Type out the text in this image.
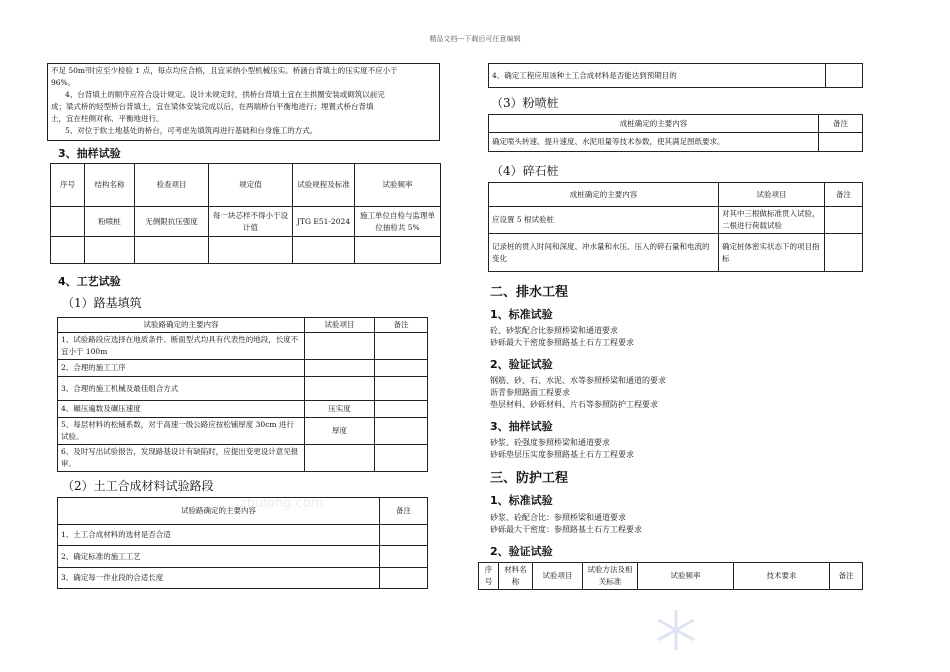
精品文档---下载后可任意编辑
zhulong.com
不足 50m²时应至少检验 1 点，每点均应合格，且宜采纳小型机械压实。桥涵台背填土的压实度不应小于
96%。
4、台背填土的顺序应符合设计规定。设计未规定时，拱桥台背填土宜在主拱圈安装或砌筑以前完
成；梁式桥的轻型桥台背填土，宜在梁体安装完成以后，在两端桥台平衡地进行；埋置式桥台背填
土，宜在柱侧对称、平衡地进行。
5、对位于软土地基处的桥台，可考虑先填筑再进行基础和台身施工的方式。
3、抽样试验
序号	结构名称	检查项目	规定值	试验规程及标准	试验频率
	粉喷桩	无侧限抗压强度	每一块芯样不得小于设计值	JTG E51-2024	施工单位自检与监理单位抽检共 5%

4、工艺试验
（1）路基填筑
试验路确定的主要内容	试验项目	备注
1、试验路段应选择在地质条件、断面型式均具有代表性的地段，长度不宜小于 100m		
2、合理的施工工序		
3、合理的施工机械及最佳组合方式		
4、碾压遍数及碾压速度	压实度	
5、每层材料的松铺系数，对于高速一级公路应按松铺厚度 30cm 进行试验。	厚度	
6、及时写出试验报告，发现路基设计有缺陷时，应提出变更设计意见报审。		
（2）土工合成材料试验路段
试验路确定的主要内容	备注
1、土工合成材料的选材是否合适	
2、确定标准的施工工艺	
3、确定每一作业段的合适长度	
4、确定工程应用该种土工合成材料是否能达到预期目的	
（3）粉喷桩
成桩确定的主要内容	备注
确定喷头转速、提升速度、水泥用量等技术参数，使其满足图纸要求。	
（4）碎石桩
成桩确定的主要内容	试验项目	备注
应设置 5 根试验桩	对其中三根做标准贯入试验，二根进行荷载试验	
记录桩的贯入时间和深度、冲水量和水压、压入的碎石量和电流的变化	确定桩体密实状态下的项目指标	
二、排水工程
1、标准试验
砼、砂浆配合比参照桥梁和通道要求
砂砾最大干密度参照路基土石方工程要求
2、验证试验
钢筋、砂、石、水泥、水等参照桥梁和通道的要求
沥青参照路面工程要求
垫层材料、砂砾材料、片石等参照防护工程要求
3、抽样试验
砂浆、砼强度参照桥梁和通道要求
砂砾垫层压实度参照路基土石方工程要求
三、防护工程
1、标准试验
砂浆、砼配合比：参照桥梁和通道要求
砂砾最大干密度：参照路基土石方工程要求
2、验证试验
序号	材料名称	试验项目	试验方法及相关标准	试验频率	技术要求	备注
